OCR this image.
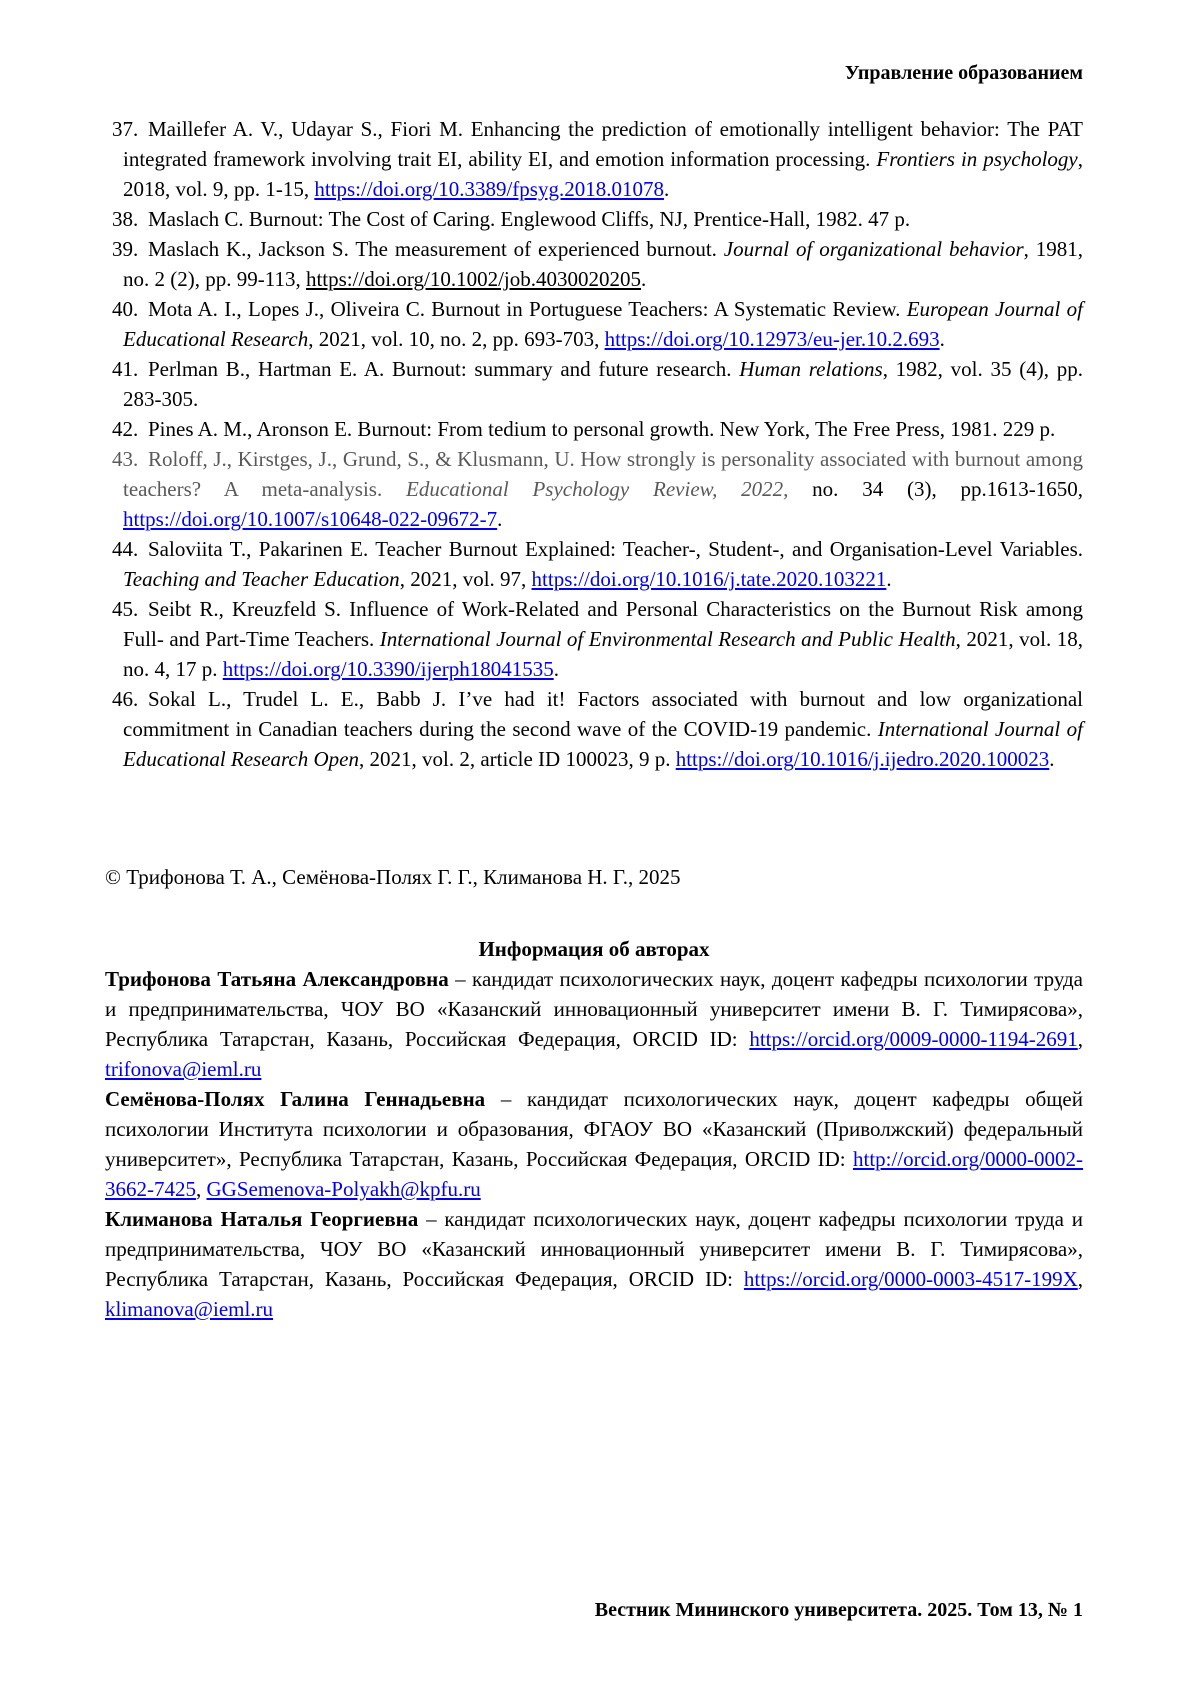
Управление образованием
37. Maillefer A. V., Udayar S., Fiori M. Enhancing the prediction of emotionally intelligent behavior: The PAT integrated framework involving trait EI, ability EI, and emotion information processing. Frontiers in psychology, 2018, vol. 9, pp. 1-15, https://doi.org/10.3389/fpsyg.2018.01078.
38. Maslach C. Burnout: The Cost of Caring. Englewood Cliffs, NJ, Prentice-Hall, 1982. 47 p.
39. Maslach K., Jackson S. The measurement of experienced burnout. Journal of organizational behavior, 1981, no. 2 (2), pp. 99-113, https://doi.org/10.1002/job.4030020205.
40. Mota A. I., Lopes J., Oliveira C. Burnout in Portuguese Teachers: A Systematic Review. European Journal of Educational Research, 2021, vol. 10, no. 2, pp. 693-703, https://doi.org/10.12973/eu-jer.10.2.693.
41. Perlman B., Hartman E. A. Burnout: summary and future research. Human relations, 1982, vol. 35 (4), pp. 283-305.
42. Pines A. M., Aronson E. Burnout: From tedium to personal growth. New York, The Free Press, 1981. 229 p.
43. Roloff, J., Kirstges, J., Grund, S., & Klusmann, U. How strongly is personality associated with burnout among teachers? A meta-analysis. Educational Psychology Review, 2022, no. 34 (3), pp.1613-1650, https://doi.org/10.1007/s10648-022-09672-7.
44. Saloviita T., Pakarinen E. Teacher Burnout Explained: Teacher-, Student-, and Organisation-Level Variables. Teaching and Teacher Education, 2021, vol. 97, https://doi.org/10.1016/j.tate.2020.103221.
45. Seibt R., Kreuzfeld S. Influence of Work-Related and Personal Characteristics on the Burnout Risk among Full- and Part-Time Teachers. International Journal of Environmental Research and Public Health, 2021, vol. 18, no. 4, 17 p. https://doi.org/10.3390/ijerph18041535.
46. Sokal L., Trudel L. E., Babb J. I’ve had it! Factors associated with burnout and low organizational commitment in Canadian teachers during the second wave of the COVID-19 pandemic. International Journal of Educational Research Open, 2021, vol. 2, article ID 100023, 9 p. https://doi.org/10.1016/j.ijedro.2020.100023.
© Трифонова Т. А., Семёнова-Полях Г. Г., Климанова Н. Г., 2025
Информация об авторах
Трифонова Татьяна Александровна – кандидат психологических наук, доцент кафедры психологии труда и предпринимательства, ЧОУ ВО «Казанский инновационный университет имени В. Г. Тимирясова», Республика Татарстан, Казань, Российская Федерация, ORCID ID: https://orcid.org/0009-0000-1194-2691, trifonova@ieml.ru
Семёнова-Полях Галина Геннадьевна – кандидат психологических наук, доцент кафедры общей психологии Института психологии и образования, ФГАОУ ВО «Казанский (Приволжский) федеральный университет», Республика Татарстан, Казань, Российская Федерация, ORCID ID: http://orcid.org/0000-0002-3662-7425, GGSemenova-Polyakh@kpfu.ru
Климанова Наталья Георгиевна – кандидат психологических наук, доцент кафедры психологии труда и предпринимательства, ЧОУ ВО «Казанский инновационный университет имени В. Г. Тимирясова», Республика Татарстан, Казань, Российская Федерация, ORCID ID: https://orcid.org/0000-0003-4517-199X, klimanova@ieml.ru
Вестник Мининского университета. 2025. Том 13, № 1
